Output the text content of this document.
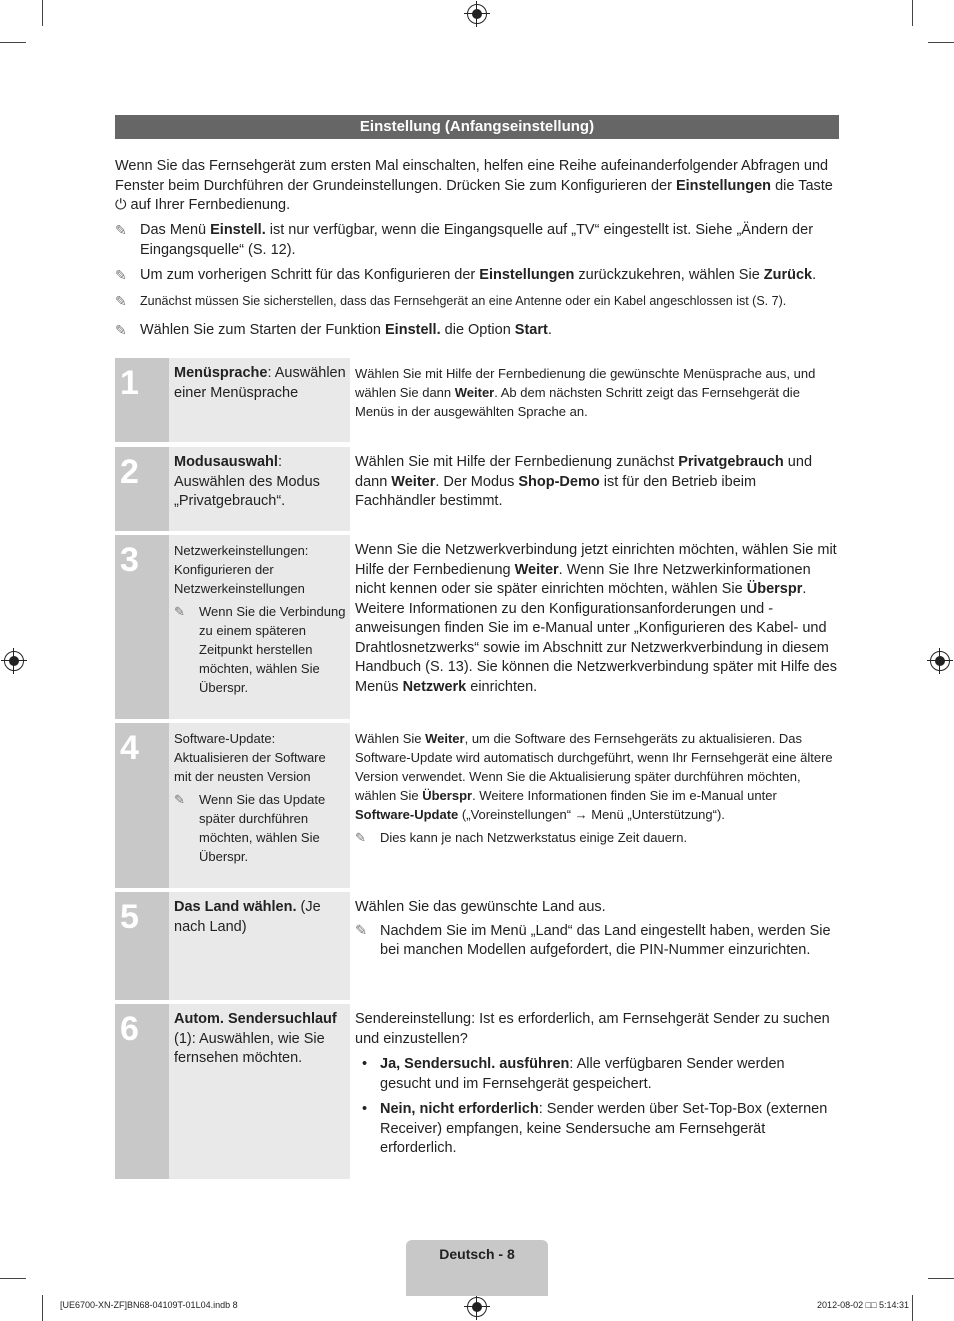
Einstellung (Anfangseinstellung)

Wenn Sie das Fernsehgerät zum ersten Mal einschalten, helfen eine Reihe aufeinanderfolgender Abfragen und Fenster beim Durchführen der Grundeinstellungen. Drücken Sie zum Konfigurieren der Einstellungen die Taste
⏻ auf Ihrer Fernbedienung.

✎ Das Menü Einstell. ist nur verfügbar, wenn die Eingangsquelle auf „TV“ eingestellt ist. Siehe „Ändern der Eingangsquelle“ (S. 12).
✎ Um zum vorherigen Schritt für das Konfigurieren der Einstellungen zurückzukehren, wählen Sie Zurück.
✎ Zunächst müssen Sie sicherstellen, dass das Fernsehgerät an eine Antenne oder ein Kabel angeschlossen ist (S. 7).
✎ Wählen Sie zum Starten der Funktion Einstell. die Option Start.
1	Menüsprache: Auswählen einer Menüsprache
Wählen Sie mit Hilfe der Fernbedienung die gewünschte Menüsprache aus, und wählen Sie dann Weiter. Ab dem nächsten Schritt zeigt das Fernsehgerät die Menüs in der ausgewählten Sprache an.
2	Modusauswahl: Auswählen des Modus „Privatgebrauch“.
Wählen Sie mit Hilfe der Fernbedienung zunächst Privatgebrauch und dann Weiter. Der Modus Shop-Demo ist für den Betrieb ibeim Fachhändler bestimmt.
3	Netzwerkeinstellungen: Konfigurieren der Netzwerkeinstellungen
✎ Wenn Sie die Verbindung zu einem späteren Zeitpunkt herstellen möchten, wählen Sie Überspr.
Wenn Sie die Netzwerkverbindung jetzt einrichten möchten, wählen Sie mit Hilfe der Fernbedienung Weiter. Wenn Sie Ihre Netzwerkinformationen nicht kennen oder sie später einrichten möchten, wählen Sie Überspr. Weitere Informationen zu den Konfigurationsanforderungen und -anweisungen finden Sie im e-Manual unter „Konfigurieren des Kabel- und Drahtlosnetzwerks“ sowie im Abschnitt zur Netzwerkverbindung in diesem Handbuch (S. 13). Sie können die Netzwerkverbindung später mit Hilfe des Menüs Netzwerk einrichten.
4	Software-Update: Aktualisieren der Software mit der neusten Version
✎ Wenn Sie das Update später durchführen möchten, wählen Sie Überspr.
Wählen Sie Weiter, um die Software des Fernsehgeräts zu aktualisieren. Das Software-Update wird automatisch durchgeführt, wenn Ihr Fernsehgerät eine ältere Version verwendet. Wenn Sie die Aktualisierung später durchführen möchten, wählen Sie Überspr. Weitere Informationen finden Sie im e-Manual unter Software-Update („Voreinstellungen“ → Menü „Unterstützung“).
✎ Dies kann je nach Netzwerkstatus einige Zeit dauern.
5	Das Land wählen. (Je nach Land)
Wählen Sie das gewünschte Land aus.
✎ Nachdem Sie im Menü „Land“ das Land eingestellt haben, werden Sie bei manchen Modellen aufgefordert, die PIN-Nummer einzurichten.
6	Autom. Sendersuchlauf (1): Auswählen, wie Sie fernsehen möchten.
Sendereinstellung: Ist es erforderlich, am Fernsehgerät Sender zu suchen und einzustellen?
• Ja, Sendersuchl. ausführen: Alle verfügbaren Sender werden gesucht und im Fernsehgerät gespeichert.
• Nein, nicht erforderlich: Sender werden über Set-Top-Box (externen Receiver) empfangen, keine Sendersuche am Fernsehgerät erforderlich.
Deutsch - 8
[UE6700-XN-ZF]BN68-04109T-01L04.indb 8	2012-08-02 □□ 5:14:31
